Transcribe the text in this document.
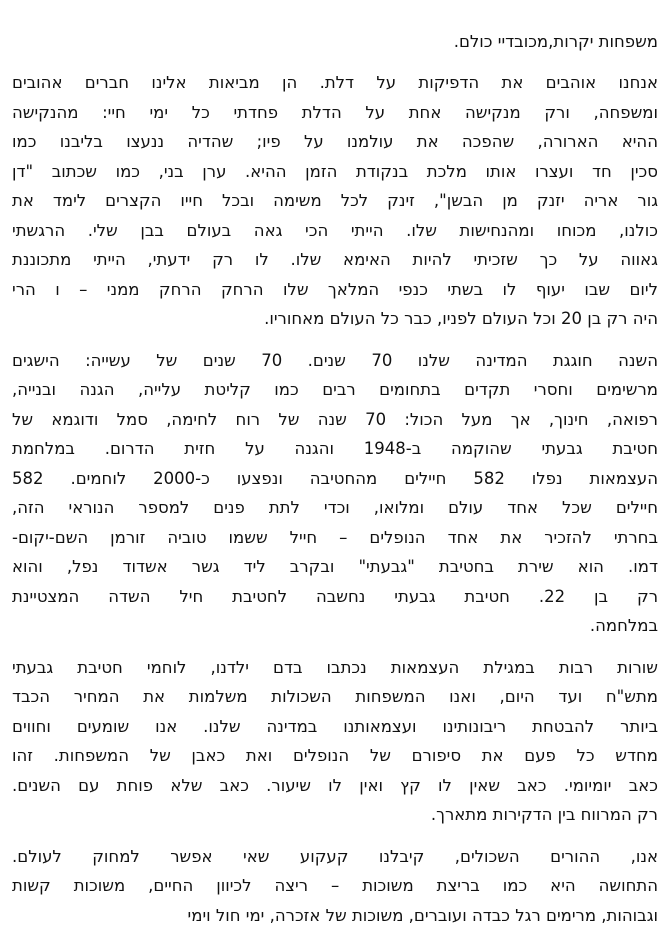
משפחות יקרות,מכובדיי כולם.
אנחנו אוהבים את הדפיקות על דלת. הן מביאות אלינו חברים אהובים
ומשפחה, ורק מנקישה אחת על הדלת פחדתי כל ימי חיי: מהנקישה
ההיא הארורה, שהפכה את עולמנו על פיו; שהדיה ננעצו בליבנו כמו
סכין חד ועצרו אותו מלכת בנקודת הזמן ההיא. ערן בני, כמו שכתוב "דן
גור אריה יזנק מן הבשן", זינק לכל משימה ובכל חייו הקצרים לימד את
כולנו, מכוחו ומהנחישות שלו. הייתי הכי גאה בעולם בבן שלי. הרגשתי
גאווה על כך שזכיתי להיות האימא שלו. לו רק ידעתי, הייתי מתכוננת
ליום שבו יעוף לו בשתי כנפי המלאך שלו הרחק הרחק ממני – ו הרי
היה רק בן 20 וכל העולם לפניו, כבר כל העולם מאחוריו.
השנה חוגגת המדינה שלנו 70 שנים. 70 שנים של עשייה: הישגים
מרשימים וחסרי תקדים בתחומים רבים כמו קליטת עלייה, הגנה ובנייה,
רפואה, חינוך, אך מעל הכול: 70 שנה של רוח לחימה, סמל ודוגמא של
חטיבת גבעתי שהוקמה ב-1948 והגנה על חזית הדרום. במלחמת
העצמאות נפלו 582 חיילים מהחטיבה ונפצעו כ-2000 לוחמים. 582
חיילים שכל אחד עולם ומלואו, וכדי לתת פנים למספר הנוראי הזה,
בחרתי להזכיר את אחד הנופלים – חייל ששמו טוביה זורמן השם-יקום-
דמו. הוא שירת בחטיבת "גבעתי" ובקרב ליד גשר אשדוד נפל, והוא
רק בן 22. חטיבת גבעתי נחשבה לחטיבת חיל השדה המצטיינת
במלחמה.
שורות רבות במגילת העצמאות נכתבו בדם ילדנו, לוחמי חטיבת גבעתי
מתש"ח ועד היום, ואנו המשפחות השכולות משלמות את המחיר הכבד
ביותר להבטחת ריבונותינו ועצמאותנו במדינה שלנו. אנו שומעים וחווים
מחדש כל פעם את סיפורם של הנופלים ואת כאבן של המשפחות. זהו
כאב יומיומי. כאב שאין לו קץ ואין לו שיעור. כאב שלא פוחת עם השנים.
רק המרווח בין הדקירות מתארך.
אנו, ההורים השכולים, קיבלנו קעקוע שאי אפשר למחוק לעולם.
התחושה היא כמו בריצת משוכות – ריצה לכיוון החיים, משוכות קשות
וגבוהות, מרימים רגל כבדה ועוברים, משוכות של אזכרה, ימי חול וימי
